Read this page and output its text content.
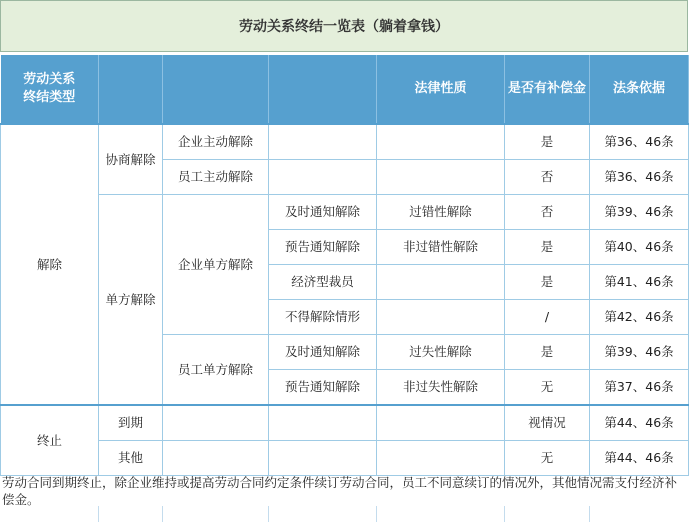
劳动关系终结一览表（躺着拿钱）
劳动关系终结类型				法律性质	是否有补偿金	法条依据
解除	协商解除	企业主动解除			是	第36、46条
		员工主动解除			否	第36、46条
	单方解除	企业单方解除	及时通知解除	过错性解除	否	第39、46条
			预告通知解除	非过错性解除	是	第40、46条
			经济型裁员		是	第41、46条
			不得解除情形		/	第42、46条
		员工单方解除	及时通知解除	过失性解除	是	第39、46条
			预告通知解除	非过失性解除	无	第37、46条
终止	到期				视情况	第44、46条
	其他				无	第44、46条
劳动合同到期终止，除企业维持或提高劳动合同约定条件续订劳动合同，员工不同意续订的情况外，其他情况需支付经济补偿金。
